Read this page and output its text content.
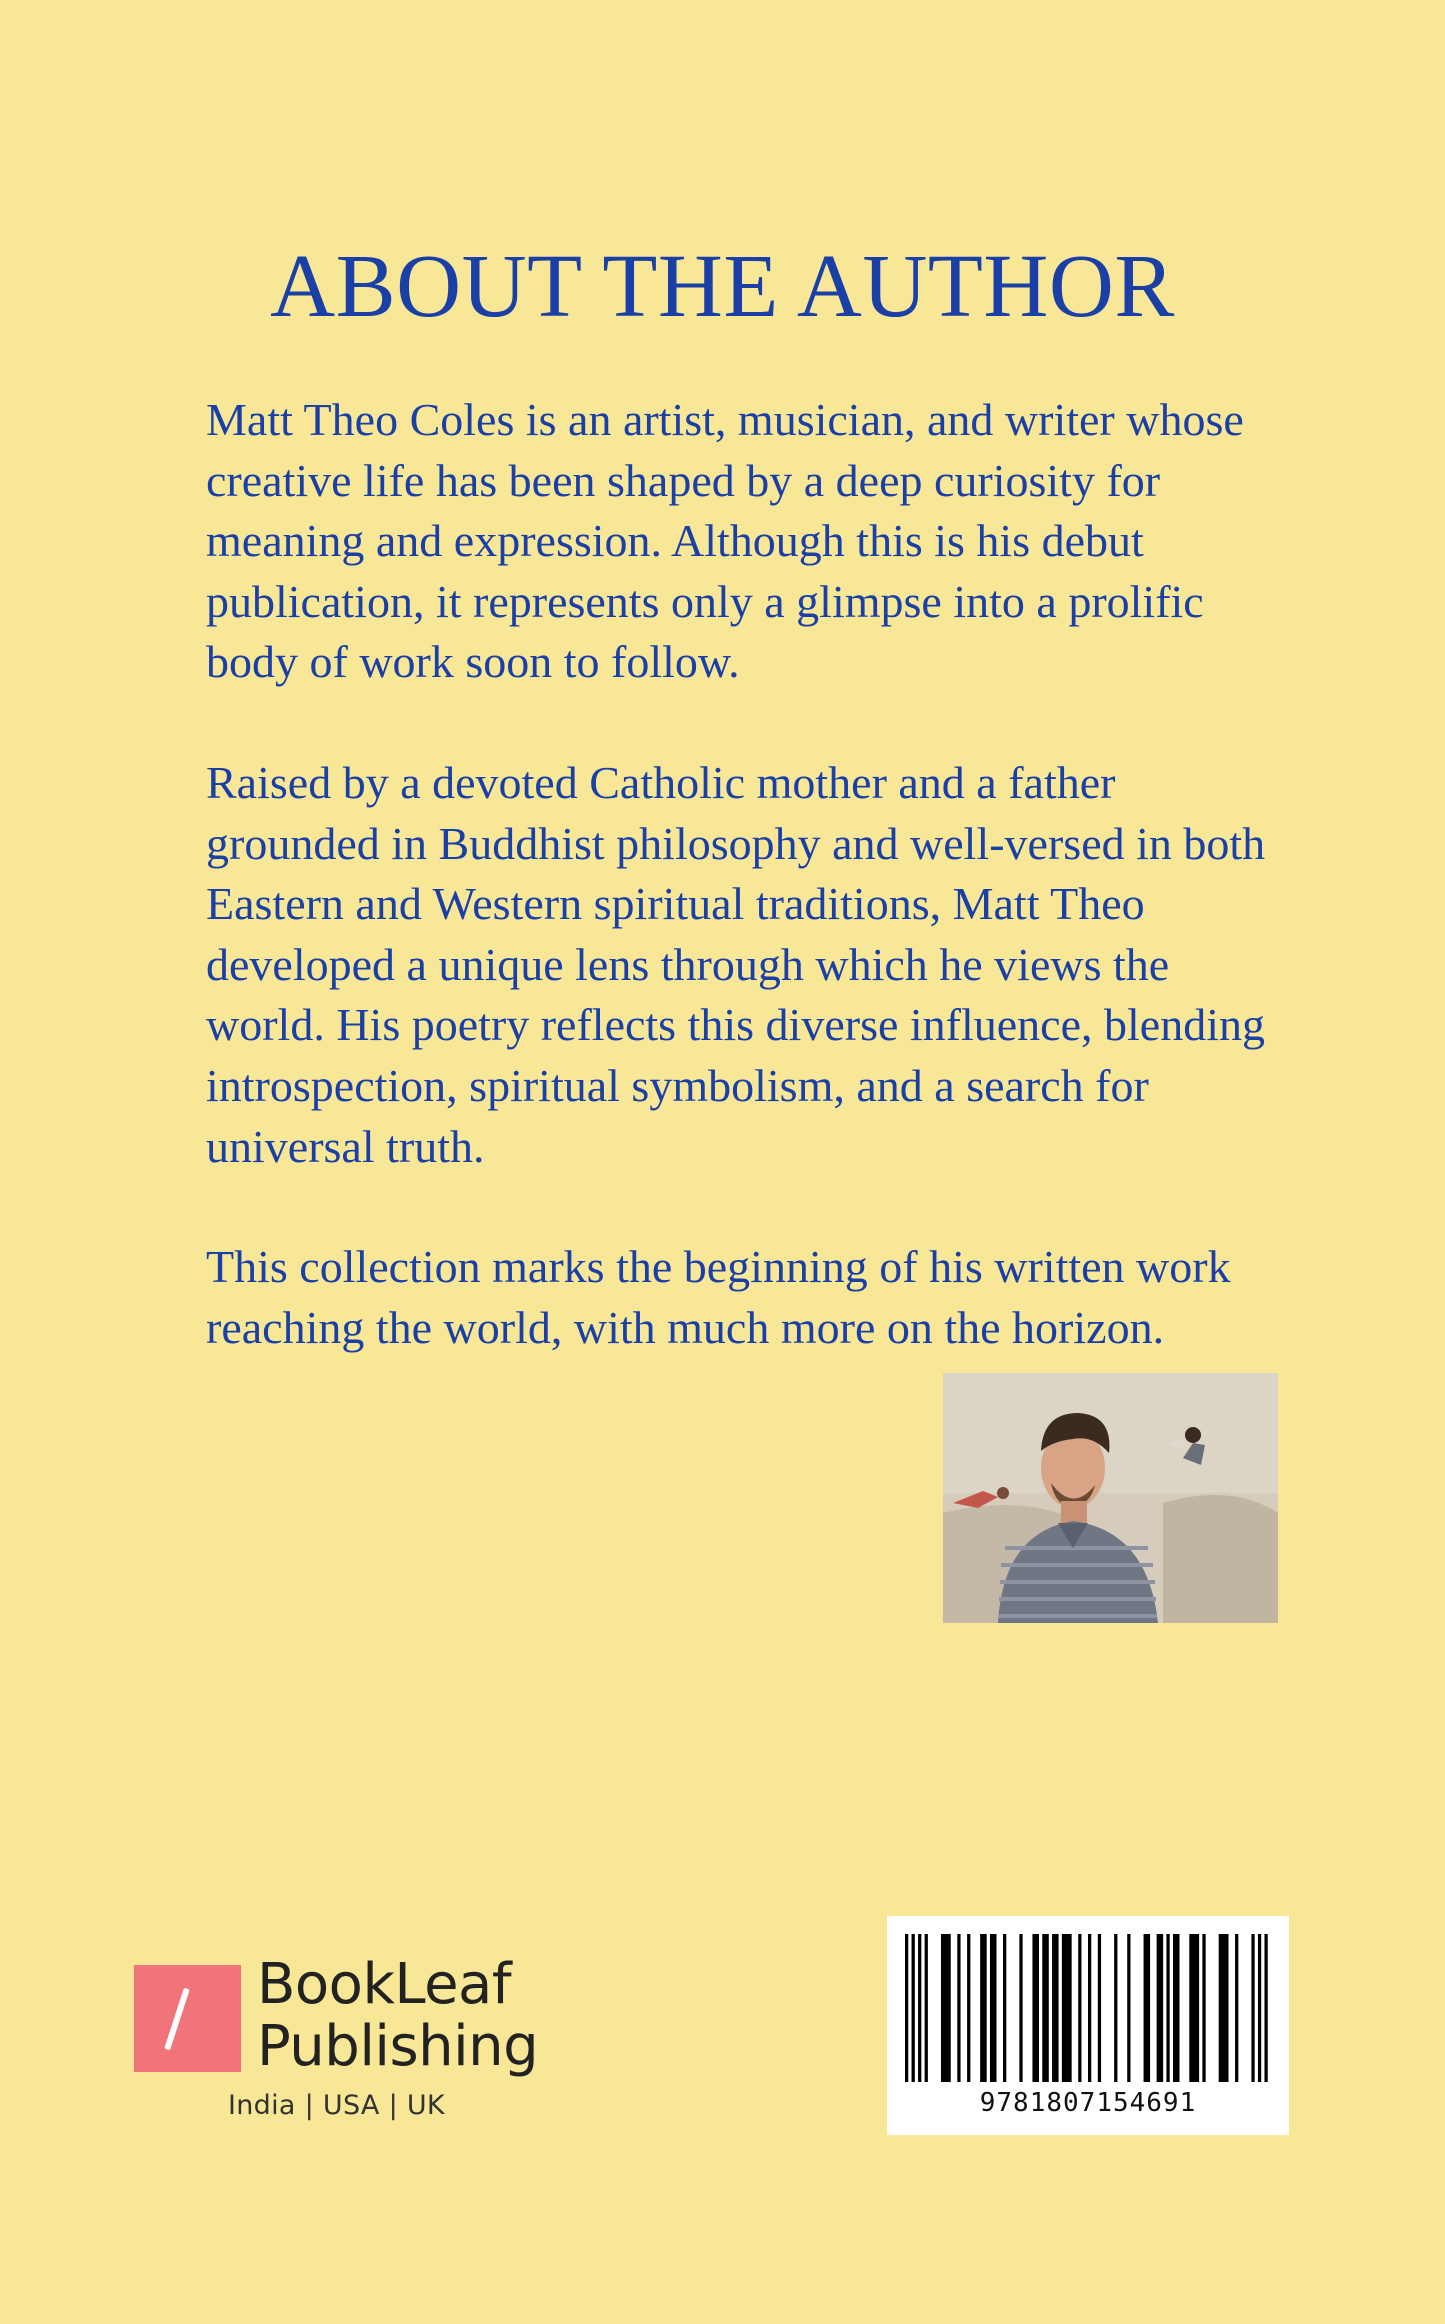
ABOUT THE AUTHOR

Matt Theo Coles is an artist, musician, and writer whose creative life has been shaped by a deep curiosity for meaning and expression. Although this is his debut publication, it represents only a glimpse into a prolific body of work soon to follow.

Raised by a devoted Catholic mother and a father grounded in Buddhist philosophy and well-versed in both Eastern and Western spiritual traditions, Matt Theo developed a unique lens through which he views the world. His poetry reflects this diverse influence, blending introspection, spiritual symbolism, and a search for universal truth.

This collection marks the beginning of his written work reaching the world, with much more on the horizon.

BookLeaf
Publishing
India | USA | UK	9781807154691
